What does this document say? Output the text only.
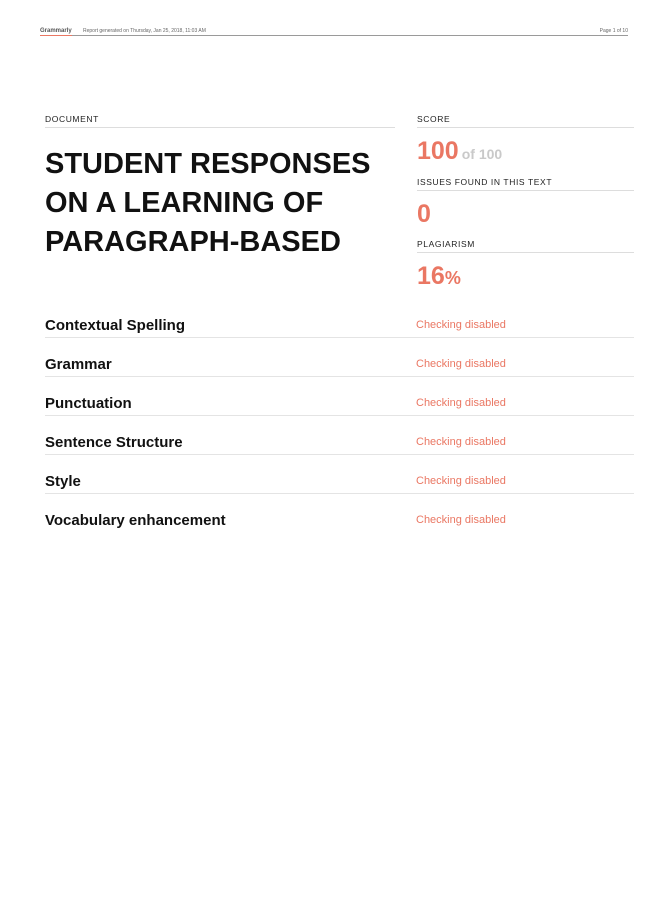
Grammarly Report generated on Thursday, Jan 25, 2018, 11:03 AM	Page 1 of 10
DOCUMENT
STUDENT RESPONSES ON A LEARNING OF PARAGRAPH-BASED
SCORE
100 of 100
ISSUES FOUND IN THIS TEXT
0
PLAGIARISM
16%
Contextual Spelling	Checking disabled
Grammar	Checking disabled
Punctuation	Checking disabled
Sentence Structure	Checking disabled
Style	Checking disabled
Vocabulary enhancement	Checking disabled
